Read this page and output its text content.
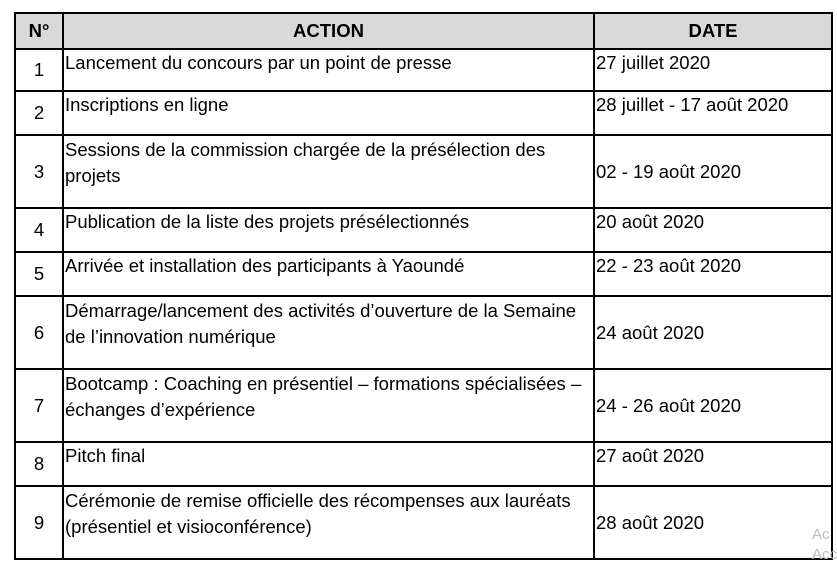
N°	ACTION	DATE
1	Lancement du concours par un point de presse	27 juillet 2020
2	Inscriptions en ligne	28 juillet - 17 août 2020
3	Sessions de la commission chargée de la présélection des projets	02 - 19 août 2020
4	Publication de la liste des projets présélectionnés	20 août 2020
5	Arrivée et installation des participants à Yaoundé	22 - 23 août 2020
6	Démarrage/lancement des activités d’ouverture de la Semaine de l’innovation numérique	24 août 2020
7	Bootcamp : Coaching en présentiel – formations spécialisées – échanges d’expérience	24 - 26 août 2020
8	Pitch final	27 août 2020
9	Cérémonie de remise officielle des récompenses aux lauréats (présentiel et visioconférence)	28 août 2020
Ac
Acc
